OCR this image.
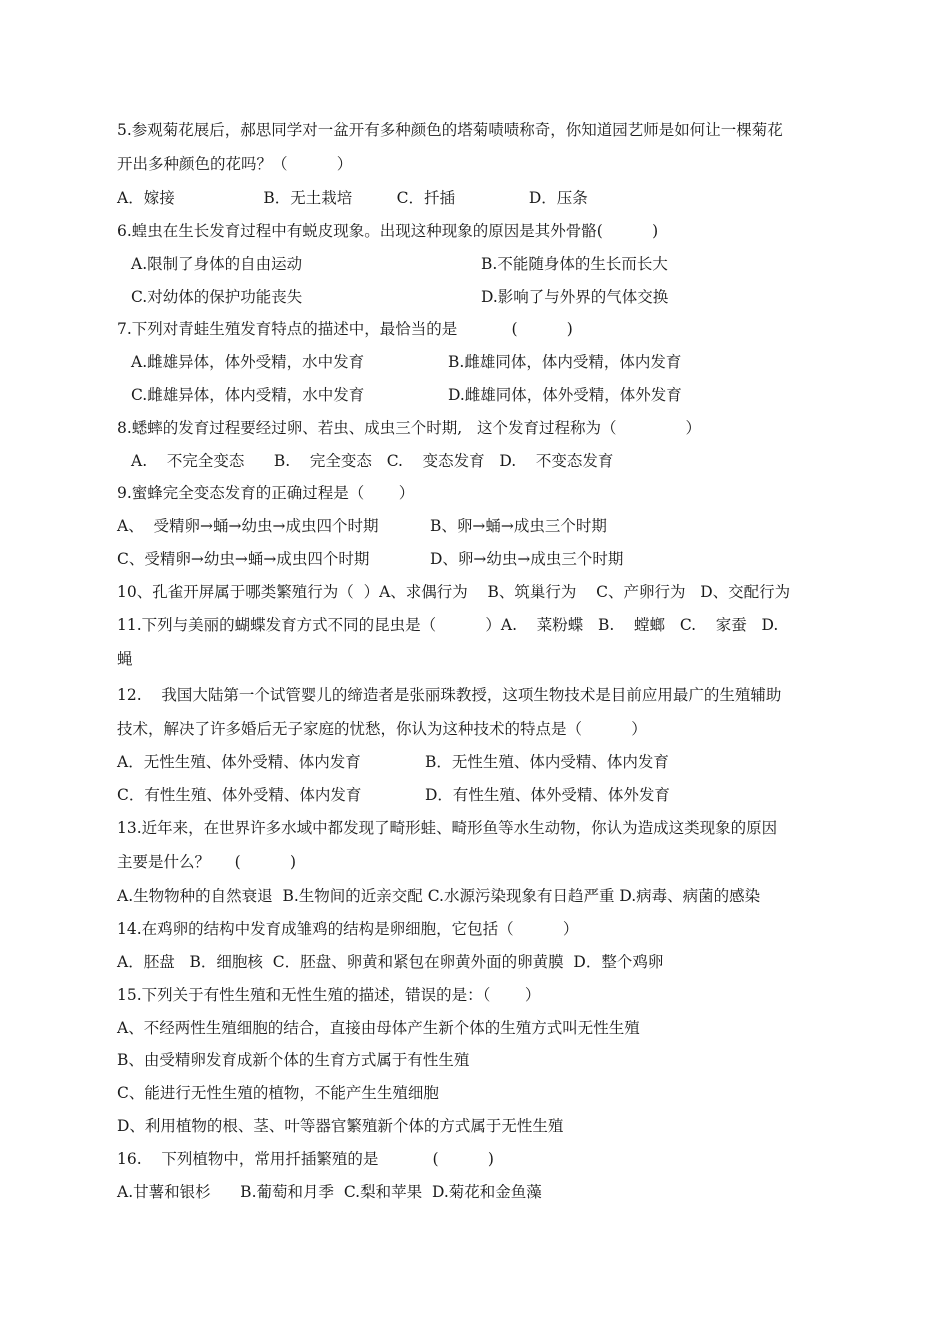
5.参观菊花展后，郝思同学对一盆开有多种颜色的塔菊啧啧称奇，你知道园艺师是如何让一棵菊花
开出多种颜色的花吗？（          ）
A．嫁接                  B．无土栽培         C．扦插               D．压条
6.蝗虫在生长发育过程中有蜕皮现象。出现这种现象的原因是其外骨骼(          )
A.限制了身体的自由运动	B.不能随身体的生长而长大
C.对幼体的保护功能丧失	D.影响了与外界的气体交换
7.下列对青蛙生殖发育特点的描述中，最恰当的是           (          )
A.雌雄异体，体外受精，水中发育	B.雌雄同体，体内受精，体内发育
C.雌雄异体，体内受精，水中发育	D.雌雄同体，体外受精，体外发育
8.蟋蟀的发育过程要经过卵、若虫、成虫三个时期,   这个发育过程称为（              ）
A.    不完全变态      B.    完全变态   C.    变态发育   D.    不变态发育
9.蜜蜂完全变态发育的正确过程是（       ）
A、  受精卵→蛹→幼虫→成虫四个时期	B、卵→蛹→成虫三个时期
C、受精卵→幼虫→蛹→成虫四个时期	D、卵→幼虫→成虫三个时期
10、孔雀开屏属于哪类繁殖行为（  ）A、求偶行为    B、筑巢行为    C、产卵行为   D、交配行为
11.下列与美丽的蝴蝶发育方式不同的昆虫是（          ）A.    菜粉蝶   B.    螳螂   C.    家蚕   D.
蝇
12.    我国大陆第一个试管婴儿的缔造者是张丽珠教授，这项生物技术是目前应用最广的生殖辅助
技术，解决了许多婚后无子家庭的忧愁，你认为这种技术的特点是（          ）
A．无性生殖、体外受精、体内发育	B．无性生殖、体内受精、体内发育
C．有性生殖、体外受精、体内发育	D．有性生殖、体外受精、体外发育
13.近年来，在世界许多水域中都发现了畸形蛙、畸形鱼等水生动物，你认为造成这类现象的原因
主要是什么？     (          )
A.生物物种的自然衰退  B.生物间的近亲交配 C.水源污染现象有日趋严重 D.病毒、病菌的感染
14.在鸡卵的结构中发育成雏鸡的结构是卵细胞，它包括（          ）
A．胚盘   B．细胞核  C．胚盘、卵黄和紧包在卵黄外面的卵黄膜  D．整个鸡卵
15.下列关于有性生殖和无性生殖的描述，错误的是：（       ）
A、不经两性生殖细胞的结合，直接由母体产生新个体的生殖方式叫无性生殖
B、由受精卵发育成新个体的生育方式属于有性生殖
C、能进行无性生殖的植物，不能产生生殖细胞
D、利用植物的根、茎、叶等器官繁殖新个体的方式属于无性生殖
16.    下列植物中，常用扦插繁殖的是           (          )
A.甘薯和银杉      B.葡萄和月季  C.梨和苹果  D.菊花和金鱼藻
